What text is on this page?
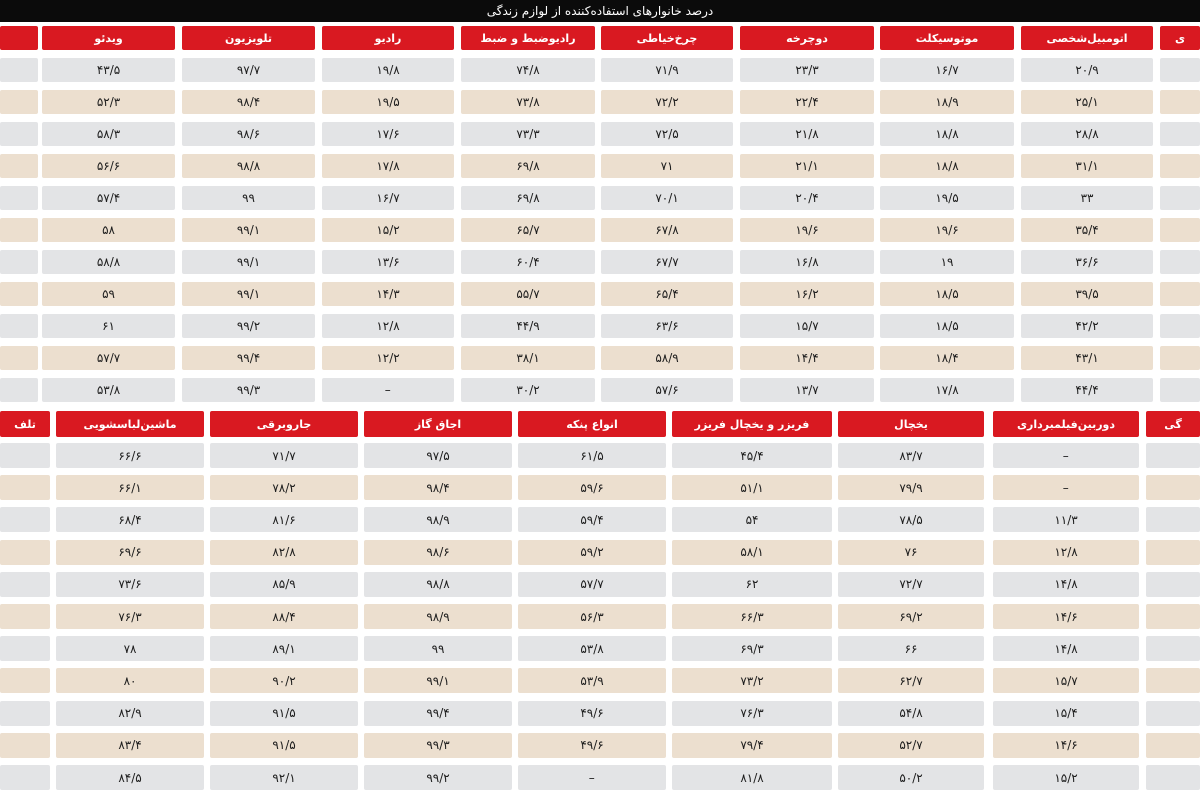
درصد خانوارهای استفاده‌کننده از لوازم زندگی
ی
اتومبیل‌شخصی
موتوسیکلت
دوچرخه
چرخ‌خیاطی
رادیوضبط و ضبط
رادیو
تلویزیون
ویدئو
۲۰/۹
۱۶/۷
۲۳/۳
۷۱/۹
۷۴/۸
۱۹/۸
۹۷/۷
۴۳/۵
۲۵/۱
۱۸/۹
۲۲/۴
۷۲/۲
۷۳/۸
۱۹/۵
۹۸/۴
۵۲/۳
۲۸/۸
۱۸/۸
۲۱/۸
۷۲/۵
۷۳/۳
۱۷/۶
۹۸/۶
۵۸/۳
۳۱/۱
۱۸/۸
۲۱/۱
۷۱
۶۹/۸
۱۷/۸
۹۸/۸
۵۶/۶
۳۳
۱۹/۵
۲۰/۴
۷۰/۱
۶۹/۸
۱۶/۷
۹۹
۵۷/۴
۳۵/۴
۱۹/۶
۱۹/۶
۶۷/۸
۶۵/۷
۱۵/۲
۹۹/۱
۵۸
۳۶/۶
۱۹
۱۶/۸
۶۷/۷
۶۰/۴
۱۳/۶
۹۹/۱
۵۸/۸
۳۹/۵
۱۸/۵
۱۶/۲
۶۵/۴
۵۵/۷
۱۴/۳
۹۹/۱
۵۹
۴۲/۲
۱۸/۵
۱۵/۷
۶۳/۶
۴۴/۹
۱۲/۸
۹۹/۲
۶۱
۴۳/۱
۱۸/۴
۱۴/۴
۵۸/۹
۳۸/۱
۱۲/۲
۹۹/۴
۵۷/۷
۴۴/۴
۱۷/۸
۱۳/۷
۵۷/۶
۳۰/۲
–
۹۹/۳
۵۳/۸
گی
دوربین‌فیلمبرداری
یخچال
فریزر و یخچال فریزر
انواع پنکه
اجاق گاز
جاروبرقی
ماشین‌لباسشویی
تلف
–
۸۳/۷
۴۵/۴
۶۱/۵
۹۷/۵
۷۱/۷
۶۶/۶
–
۷۹/۹
۵۱/۱
۵۹/۶
۹۸/۴
۷۸/۲
۶۶/۱
۱۱/۳
۷۸/۵
۵۴
۵۹/۴
۹۸/۹
۸۱/۶
۶۸/۴
۱۲/۸
۷۶
۵۸/۱
۵۹/۲
۹۸/۶
۸۲/۸
۶۹/۶
۱۴/۸
۷۲/۷
۶۲
۵۷/۷
۹۸/۸
۸۵/۹
۷۳/۶
۱۴/۶
۶۹/۲
۶۶/۳
۵۶/۳
۹۸/۹
۸۸/۴
۷۶/۳
۱۴/۸
۶۶
۶۹/۳
۵۳/۸
۹۹
۸۹/۱
۷۸
۱۵/۷
۶۲/۷
۷۳/۲
۵۳/۹
۹۹/۱
۹۰/۲
۸۰
۱۵/۴
۵۴/۸
۷۶/۳
۴۹/۶
۹۹/۴
۹۱/۵
۸۲/۹
۱۴/۶
۵۲/۷
۷۹/۴
۴۹/۶
۹۹/۳
۹۱/۵
۸۳/۴
۱۵/۲
۵۰/۲
۸۱/۸
–
۹۹/۲
۹۲/۱
۸۴/۵
